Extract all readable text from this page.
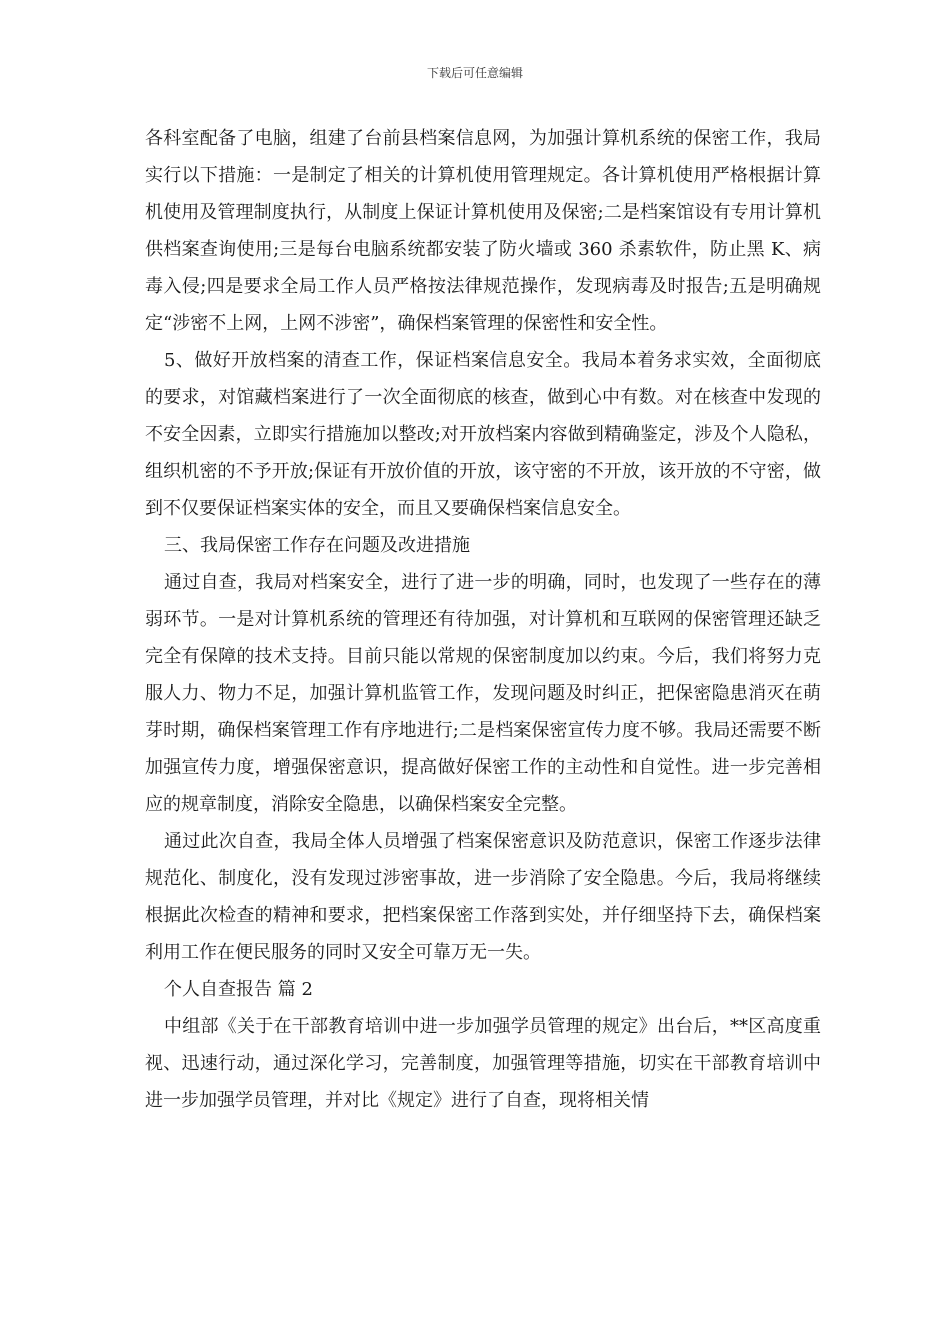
下载后可任意编辑

各科室配备了电脑，组建了台前县档案信息网，为加强计算机系统的保密工作，我局实行以下措施：一是制定了相关的计算机使用管理规定。各计算机使用严格根据计算机使用及管理制度执行，从制度上保证计算机使用及保密;二是档案馆设有专用计算机供档案查询使用;三是每台电脑系统都安装了防火墙或 360 杀素软件，防止黑 K、病毒入侵;四是要求全局工作人员严格按法律规范操作，发现病毒及时报告;五是明确规定“涉密不上网，上网不涉密”，确保档案管理的保密性和安全性。

5、做好开放档案的清查工作，保证档案信息安全。我局本着务求实效，全面彻底的要求，对馆藏档案进行了一次全面彻底的核查，做到心中有数。对在核查中发现的不安全因素，立即实行措施加以整改;对开放档案内容做到精确鉴定，涉及个人隐私，组织机密的不予开放;保证有开放价值的开放，该守密的不开放，该开放的不守密，做到不仅要保证档案实体的安全，而且又要确保档案信息安全。

三、我局保密工作存在问题及改进措施

通过自查，我局对档案安全，进行了进一步的明确，同时，也发现了一些存在的薄弱环节。一是对计算机系统的管理还有待加强，对计算机和互联网的保密管理还缺乏完全有保障的技术支持。目前只能以常规的保密制度加以约束。今后，我们将努力克服人力、物力不足，加强计算机监管工作，发现问题及时纠正，把保密隐患消灭在萌芽时期，确保档案管理工作有序地进行;二是档案保密宣传力度不够。我局还需要不断加强宣传力度，增强保密意识，提高做好保密工作的主动性和自觉性。进一步完善相应的规章制度，消除安全隐患，以确保档案安全完整。

通过此次自查，我局全体人员增强了档案保密意识及防范意识，保密工作逐步法律规范化、制度化，没有发现过涉密事故，进一步消除了安全隐患。今后，我局将继续根据此次检查的精神和要求，把档案保密工作落到实处，并仔细坚持下去，确保档案利用工作在便民服务的同时又安全可靠万无一失。

个人自查报告 篇 2

中组部《关于在干部教育培训中进一步加强学员管理的规定》出台后，**区高度重视、迅速行动，通过深化学习，完善制度，加强管理等措施，切实在干部教育培训中进一步加强学员管理，并对比《规定》进行了自查，现将相关情
